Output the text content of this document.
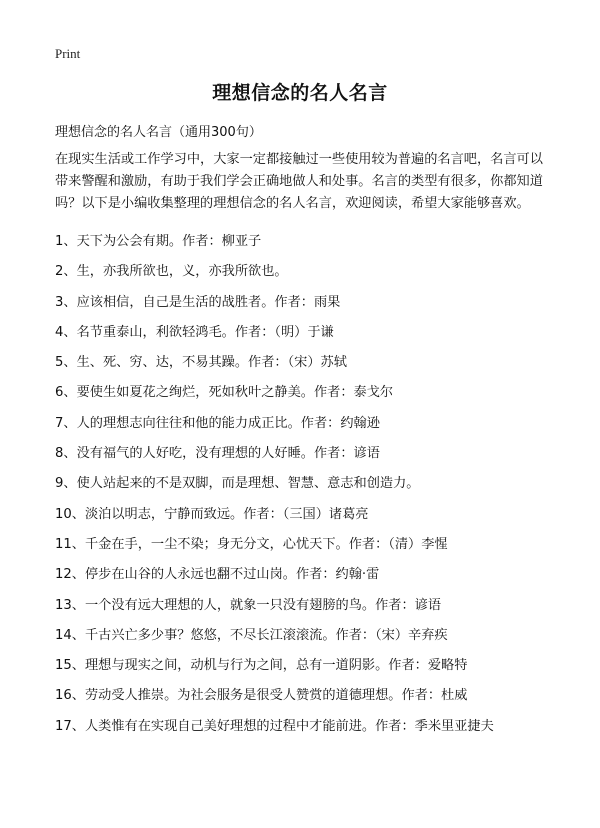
Print
理想信念的名人名言
理想信念的名人名言（通用300句）

在现实生活或工作学习中，大家一定都接触过一些使用较为普遍的名言吧，名言可以带来警醒和激励，有助于我们学会正确地做人和处事。名言的类型有很多，你都知道吗？以下是小编收集整理的理想信念的名人名言，欢迎阅读，希望大家能够喜欢。

1、天下为公会有期。作者：柳亚子
2、生，亦我所欲也，义，亦我所欲也。
3、应该相信，自己是生活的战胜者。作者：雨果
4、名节重泰山，利欲轻鸿毛。作者：（明）于谦
5、生、死、穷、达，不易其躁。作者：（宋）苏轼
6、要使生如夏花之绚烂，死如秋叶之静美。作者：泰戈尔
7、人的理想志向往往和他的能力成正比。作者：约翰逊
8、没有福气的人好吃，没有理想的人好睡。作者：谚语
9、使人站起来的不是双脚，而是理想、智慧、意志和创造力。
10、淡泊以明志，宁静而致远。作者：（三国）诸葛亮
11、千金在手，一尘不染；身无分文，心忧天下。作者：（清）李惺
12、停步在山谷的人永远也翻不过山岗。作者：约翰·雷
13、一个没有远大理想的人，就象一只没有翅膀的鸟。作者：谚语
14、千古兴亡多少事？悠悠，不尽长江滚滚流。作者：（宋）辛弃疾
15、理想与现实之间，动机与行为之间，总有一道阴影。作者：爱略特
16、劳动受人推崇。为社会服务是很受人赞赏的道德理想。作者：杜威
17、人类惟有在实现自己美好理想的过程中才能前进。作者：季米里亚捷夫
